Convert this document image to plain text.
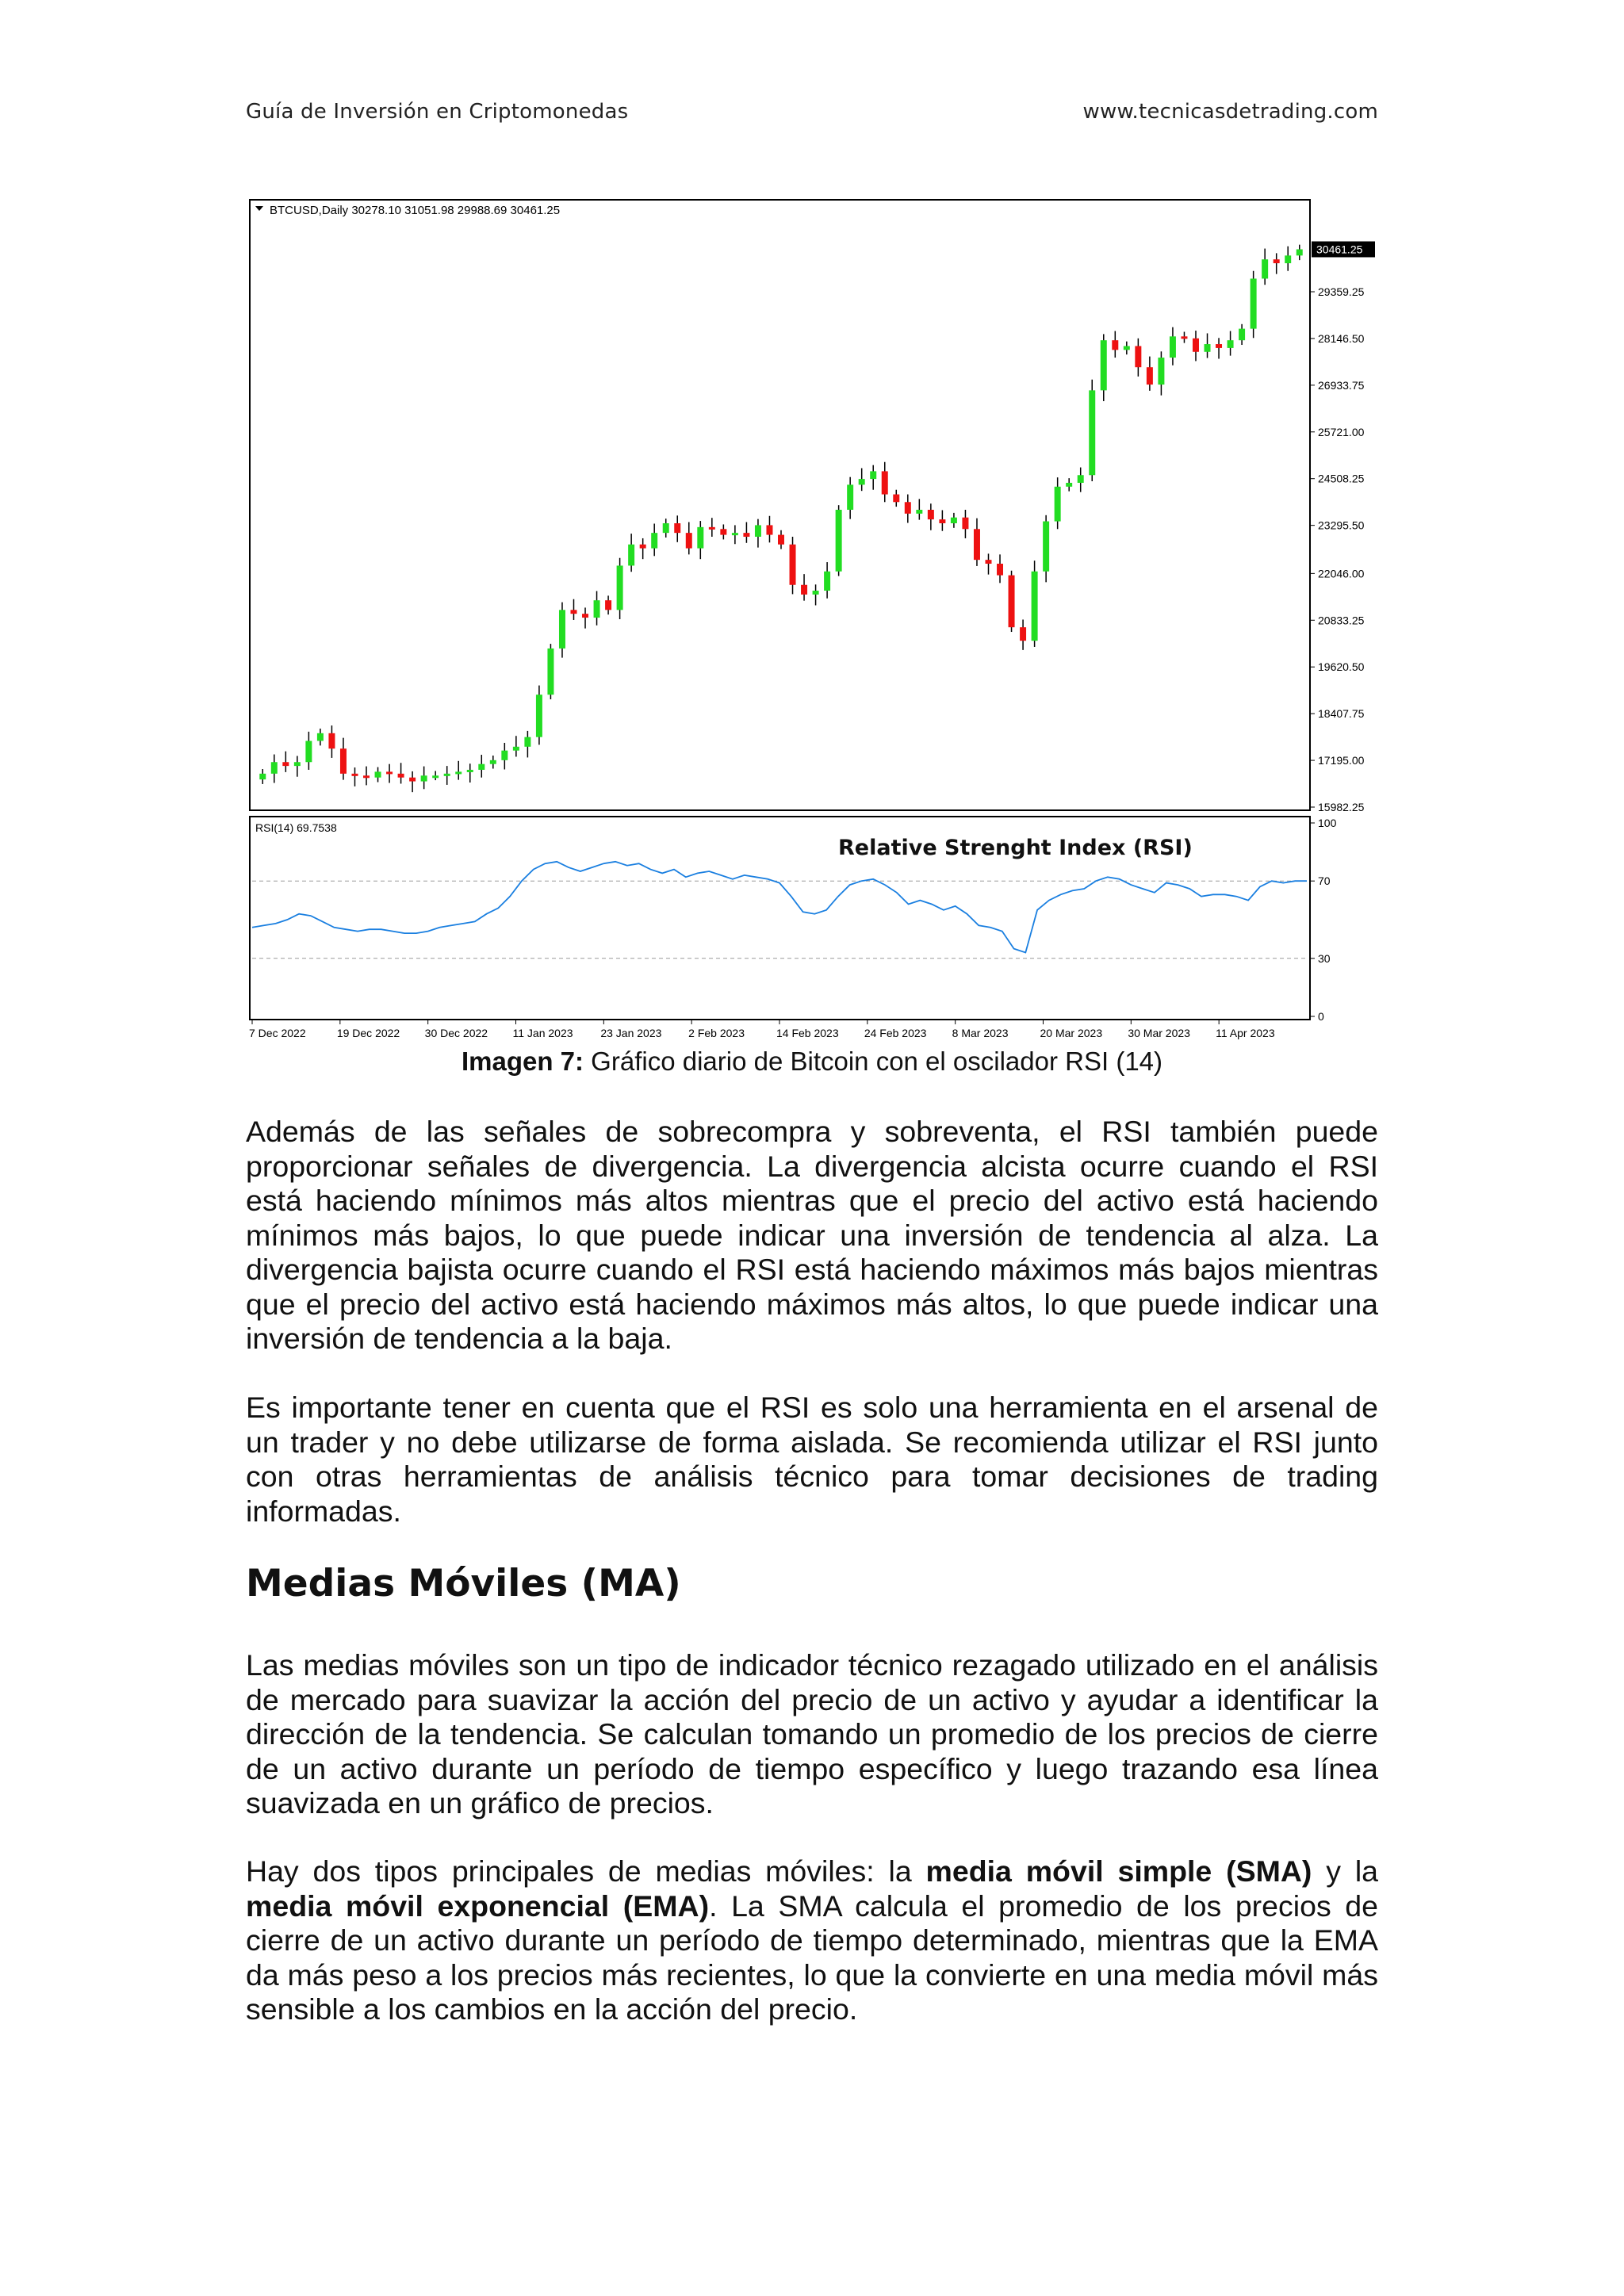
Guía de Inversión en Criptomonedas	www.tecnicasdetrading.com
BTCUSD,Daily 30278.10 31051.98 29988.69 30461.25
RSI(14) 69.7538
Relative Strenght Index (RSI)
29359.25
28146.50
26933.75
25721.00
24508.25
23295.50
22046.00
20833.25
19620.50
18407.75
17195.00
15982.25
30461.25
100
70
30
0
7 Dec 2022	19 Dec 2022 30 Dec 2022 11 Jan 2023 23 Jan 2023 2 Feb 2023	14 Feb 2023 24 Feb 2023 8 Mar 2023	20 Mar 2023 30 Mar 2023 11 Apr 2023
Imagen 7: Gráfico diario de Bitcoin con el oscilador RSI (14)

Además de las señales de sobrecompra y sobreventa, el RSI también puede proporcionar señales de divergencia. La divergencia alcista ocurre cuando el RSI está haciendo mínimos más altos mientras que el precio del activo está haciendo mínimos más bajos, lo que puede indicar una inversión de tendencia al alza. La divergencia bajista ocurre cuando el RSI está haciendo máximos más bajos mientras que el precio del activo está haciendo máximos más altos, lo que puede indicar una inversión de tendencia a la baja.

Es importante tener en cuenta que el RSI es solo una herramienta en el arsenal de un trader y no debe utilizarse de forma aislada. Se recomienda utilizar el RSI junto con otras herramientas de análisis técnico para tomar decisiones de trading informadas.

Medias Móviles (MA)

Las medias móviles son un tipo de indicador técnico rezagado utilizado en el análisis de mercado para suavizar la acción del precio de un activo y ayudar a identificar la dirección de la tendencia. Se calculan tomando un promedio de los precios de cierre de un activo durante un período de tiempo específico y luego trazando esa línea suavizada en un gráfico de precios.

Hay dos tipos principales de medias móviles: la media móvil simple (SMA) y la media móvil exponencial (EMA). La SMA calcula el promedio de los precios de cierre de un activo durante un período de tiempo determinado, mientras que la EMA da más peso a los precios más recientes, lo que la convierte en una media móvil más sensible a los cambios en la acción del precio.
